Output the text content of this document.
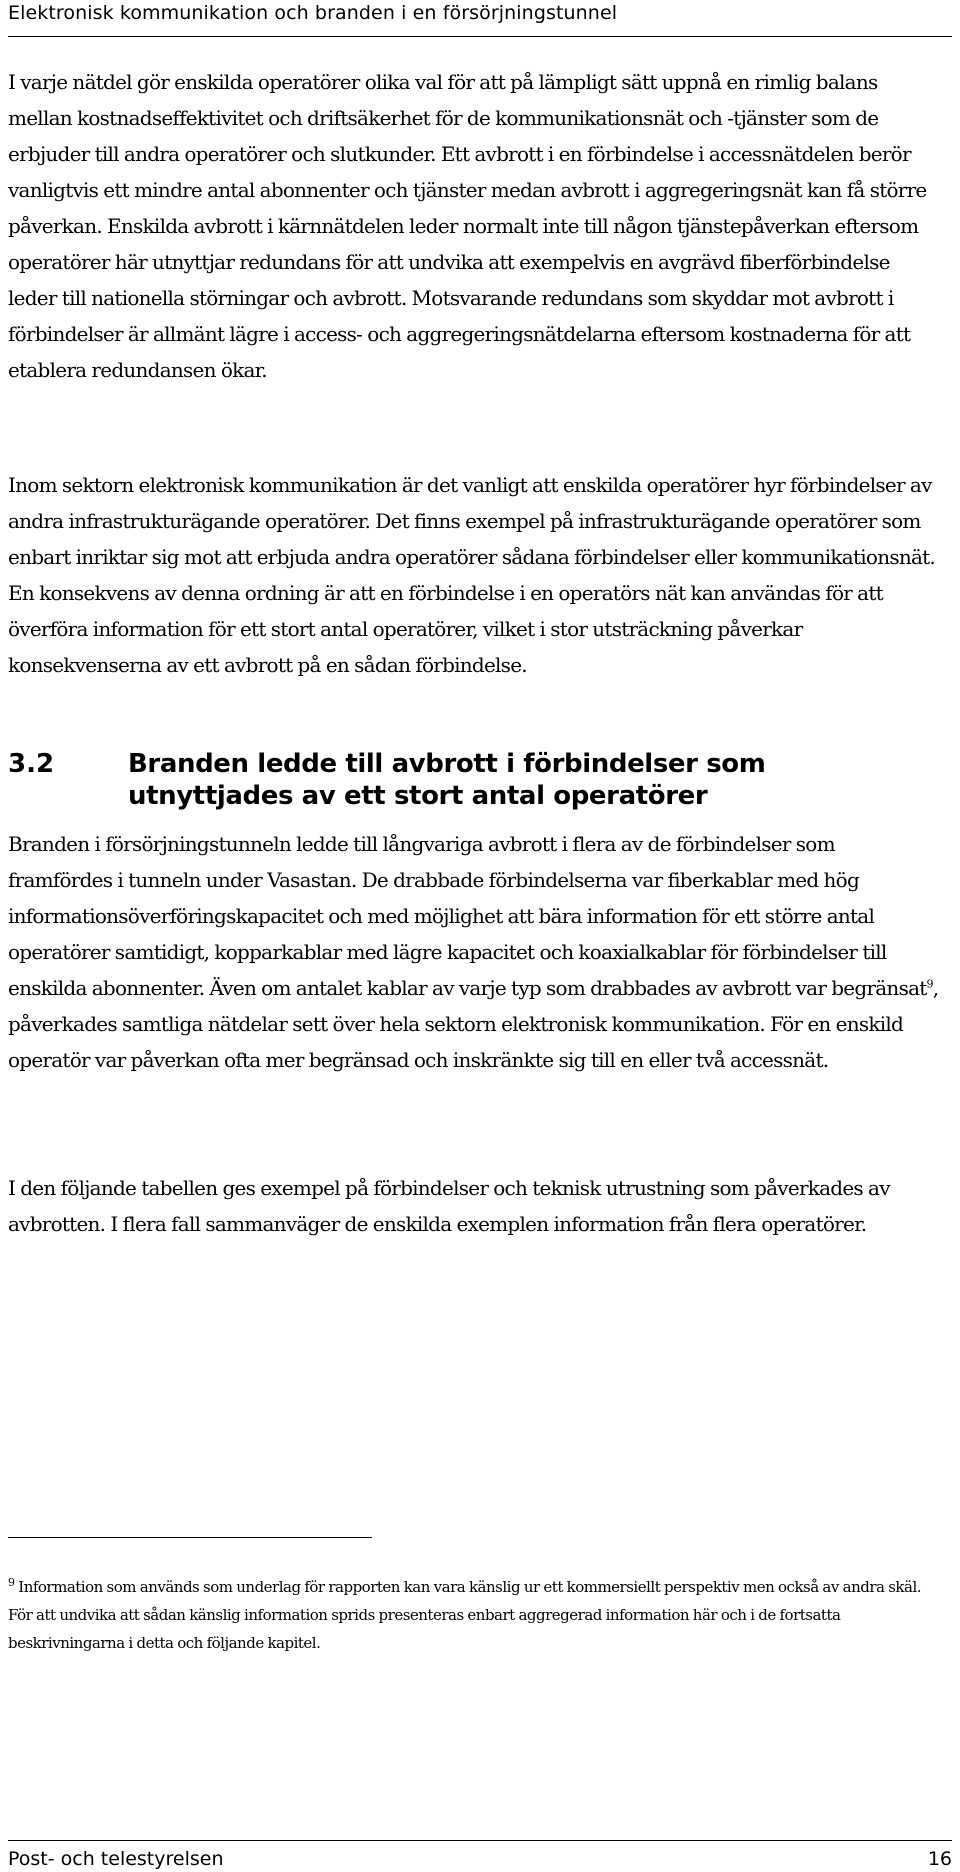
Elektronisk kommunikation och branden i en försörjningstunnel

I varje nätdel gör enskilda operatörer olika val för att på lämpligt sätt uppnå en rimlig balans mellan kostnadseffektivitet och driftsäkerhet för de kommunikationsnät och -tjänster som de erbjuder till andra operatörer och slutkunder. Ett avbrott i en förbindelse i accessnätdelen berör vanligtvis ett mindre antal abonnenter och tjänster medan avbrott i aggregeringsnät kan få större påverkan. Enskilda avbrott i kärnnätdelen leder normalt inte till någon tjänstepåverkan eftersom operatörer här utnyttjar redundans för att undvika att exempelvis en avgrävd fiberförbindelse leder till nationella störningar och avbrott. Motsvarande redundans som skyddar mot avbrott i förbindelser är allmänt lägre i access- och aggregeringsnätdelarna eftersom kostnaderna för att etablera redundansen ökar.

Inom sektorn elektronisk kommunikation är det vanligt att enskilda operatörer hyr förbindelser av andra infrastrukturägande operatörer. Det finns exempel på infrastrukturägande operatörer som enbart inriktar sig mot att erbjuda andra operatörer sådana förbindelser eller kommunikationsnät. En konsekvens av denna ordning är att en förbindelse i en operatörs nät kan användas för att överföra information för ett stort antal operatörer, vilket i stor utsträckning påverkar konsekvenserna av ett avbrott på en sådan förbindelse.

3.2	Branden ledde till avbrott i förbindelser som utnyttjades av ett stort antal operatörer

Branden i försörjningstunneln ledde till långvariga avbrott i flera av de förbindelser som framfördes i tunneln under Vasastan. De drabbade förbindelserna var fiberkablar med hög informationsöverföringskapacitet och med möjlighet att bära information för ett större antal operatörer samtidigt, kopparkablar med lägre kapacitet och koaxialkablar för förbindelser till enskilda abonnenter. Även om antalet kablar av varje typ som drabbades av avbrott var begränsat$^9$, påverkades samtliga nätdelar sett över hela sektorn elektronisk kommunikation. För en enskild operatör var påverkan ofta mer begränsad och inskränkte sig till en eller två accessnät.

I den följande tabellen ges exempel på förbindelser och teknisk utrustning som påverkades av avbrotten. I flera fall sammanväger de enskilda exemplen information från flera operatörer.

$^9$ Information som används som underlag för rapporten kan vara känslig ur ett kommersiellt perspektiv men också av andra skäl. För att undvika att sådan känslig information sprids presenteras enbart aggregerad information här och i de fortsatta beskrivningarna i detta och följande kapitel.

Post- och telestyrelsen	16
